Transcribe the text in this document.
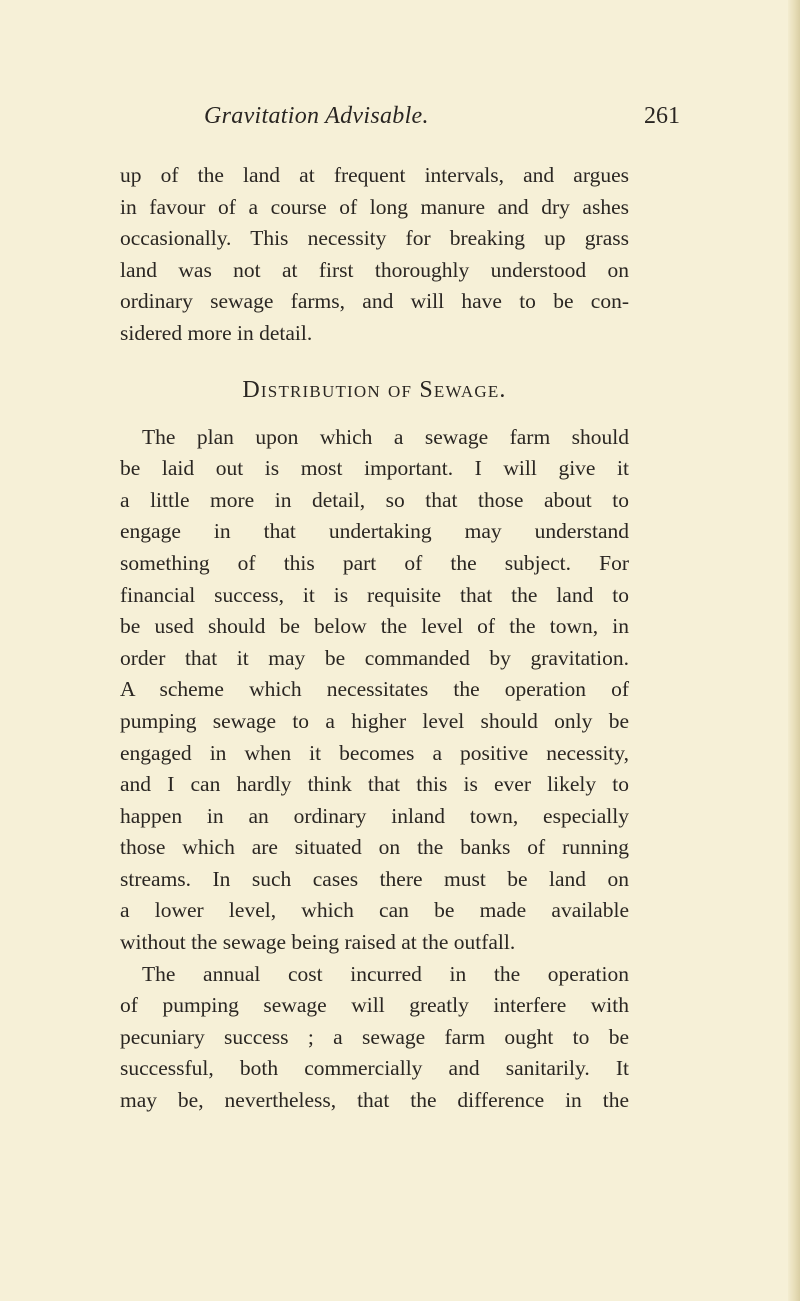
Gravitation Advisable.	261
up of the land at frequent intervals, and argues
in favour of a course of long manure and dry ashes
occasionally. This necessity for breaking up grass
land was not at first thoroughly understood on
ordinary sewage farms, and will have to be con-
sidered more in detail.
Distribution of Sewage.
The plan upon which a sewage farm should
be laid out is most important. I will give it
a little more in detail, so that those about to
engage in that undertaking may understand
something of this part of the subject. For
financial success, it is requisite that the land to
be used should be below the level of the town, in
order that it may be commanded by gravitation.
A scheme which necessitates the operation of
pumping sewage to a higher level should only be
engaged in when it becomes a positive necessity,
and I can hardly think that this is ever likely to
happen in an ordinary inland town, especially
those which are situated on the banks of running
streams. In such cases there must be land on
a lower level, which can be made available
without the sewage being raised at the outfall.
The annual cost incurred in the operation
of pumping sewage will greatly interfere with
pecuniary success ; a sewage farm ought to be
successful, both commercially and sanitarily. It
may be, nevertheless, that the difference in the
